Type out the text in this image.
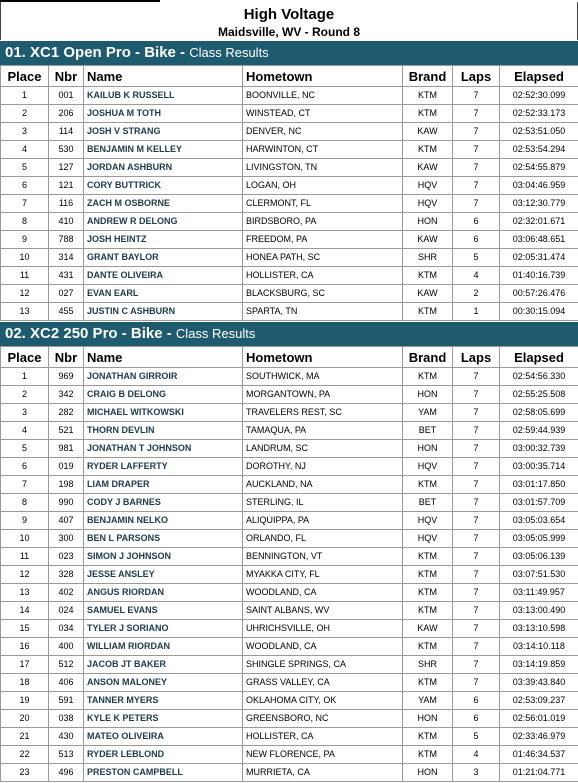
High Voltage
Maidsville, WV - Round 8
01. XC1 Open Pro - Bike - Class Results
Place	Nbr	Name	Hometown	Brand	Laps	Elapsed
1	001	KAILUB K RUSSELL	BOONVILLE, NC	KTM	7	02:52:30.099
2	206	JOSHUA M TOTH	WINSTEAD, CT	KTM	7	02:52:33.173
3	114	JOSH V STRANG	DENVER, NC	KAW	7	02:53:51.050
4	530	BENJAMIN M KELLEY	HARWINTON, CT	KTM	7	02:53:54.294
5	127	JORDAN ASHBURN	LIVINGSTON, TN	KAW	7	02:54:55.879
6	121	CORY BUTTRICK	LOGAN, OH	HQV	7	03:04:46.959
7	116	ZACH M OSBORNE	CLERMONT, FL	HQV	7	03:12:30.779
8	410	ANDREW R DELONG	BIRDSBORO, PA	HON	6	02:32:01.671
9	788	JOSH HEINTZ	FREEDOM, PA	KAW	6	03:06:48.651
10	314	GRANT BAYLOR	HONEA PATH, SC	SHR	5	02:05:31.474
11	431	DANTE OLIVEIRA	HOLLISTER, CA	KTM	4	01:40:16.739
12	027	EVAN EARL	BLACKSBURG, SC	KAW	2	00:57:26.476
13	455	JUSTIN C ASHBURN	SPARTA, TN	KTM	1	00:30:15.094
02. XC2 250 Pro - Bike - Class Results
Place	Nbr	Name	Hometown	Brand	Laps	Elapsed
1	969	JONATHAN GIRROIR	SOUTHWICK, MA	KTM	7	02:54:56.330
2	342	CRAIG B DELONG	MORGANTOWN, PA	HON	7	02:55:25.508
3	282	MICHAEL WITKOWSKI	TRAVELERS REST, SC	YAM	7	02:58:05.699
4	521	THORN DEVLIN	TAMAQUA, PA	BET	7	02:59:44.939
5	981	JONATHAN T JOHNSON	LANDRUM, SC	HON	7	03:00:32.739
6	019	RYDER LAFFERTY	DOROTHY, NJ	HQV	7	03:00:35.714
7	198	LIAM DRAPER	AUCKLAND, NA	KTM	7	03:01:17.850
8	990	CODY J BARNES	STERLING, IL	BET	7	03:01:57.709
9	407	BENJAMIN NELKO	ALIQUIPPA, PA	HQV	7	03:05:03.654
10	300	BEN L PARSONS	ORLANDO, FL	HQV	7	03:05:05.999
11	023	SIMON J JOHNSON	BENNINGTON, VT	KTM	7	03:05:06.139
12	328	JESSE ANSLEY	MYAKKA CITY, FL	KTM	7	03:07:51.530
13	402	ANGUS RIORDAN	WOODLAND, CA	KTM	7	03:11:49.957
14	024	SAMUEL EVANS	SAINT ALBANS, WV	KTM	7	03:13:00.490
15	034	TYLER J SORIANO	UHRICHSVILLE, OH	KAW	7	03:13:10.598
16	400	WILLIAM RIORDAN	WOODLAND, CA	KTM	7	03:14:10.118
17	512	JACOB JT BAKER	SHINGLE SPRINGS, CA	SHR	7	03:14:19.859
18	406	ANSON MALONEY	GRASS VALLEY, CA	KTM	7	03:39:43.840
19	591	TANNER MYERS	OKLAHOMA CITY, OK	YAM	6	02:53:09.237
20	038	KYLE K PETERS	GREENSBORO, NC	HON	6	02:56:01.019
21	430	MATEO OLIVEIRA	HOLLISTER, CA	KTM	5	02:33:46.979
22	513	RYDER LEBLOND	NEW FLORENCE, PA	KTM	4	01:46:34.537
23	496	PRESTON CAMPBELL	MURRIETA, CA	HON	3	01:21:04.771
